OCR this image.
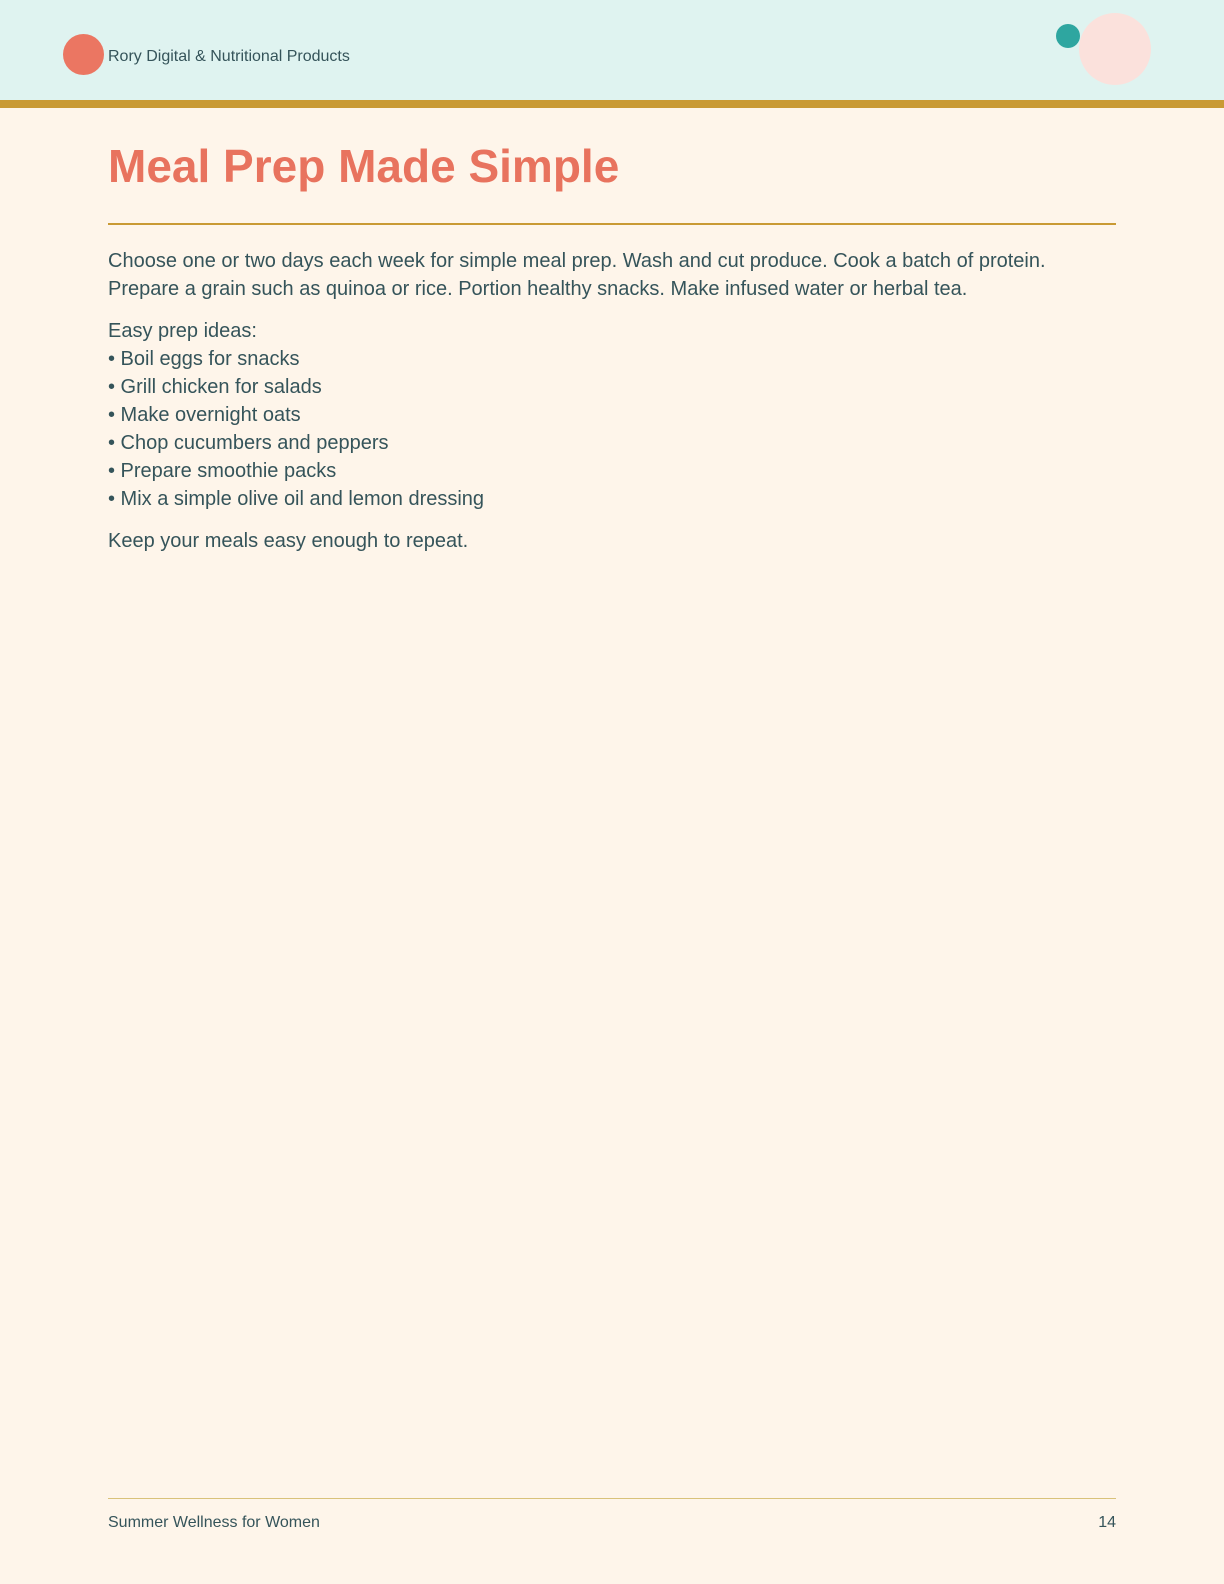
Rory Digital & Nutritional Products
Meal Prep Made Simple

Choose one or two days each week for simple meal prep. Wash and cut produce. Cook a batch of protein. Prepare a grain such as quinoa or rice. Portion healthy snacks. Make infused water or herbal tea.

Easy prep ideas:

• Boil eggs for snacks
• Grill chicken for salads
• Make overnight oats
• Chop cucumbers and peppers
• Prepare smoothie packs
• Mix a simple olive oil and lemon dressing

Keep your meals easy enough to repeat.

Summer Wellness for Women	14
